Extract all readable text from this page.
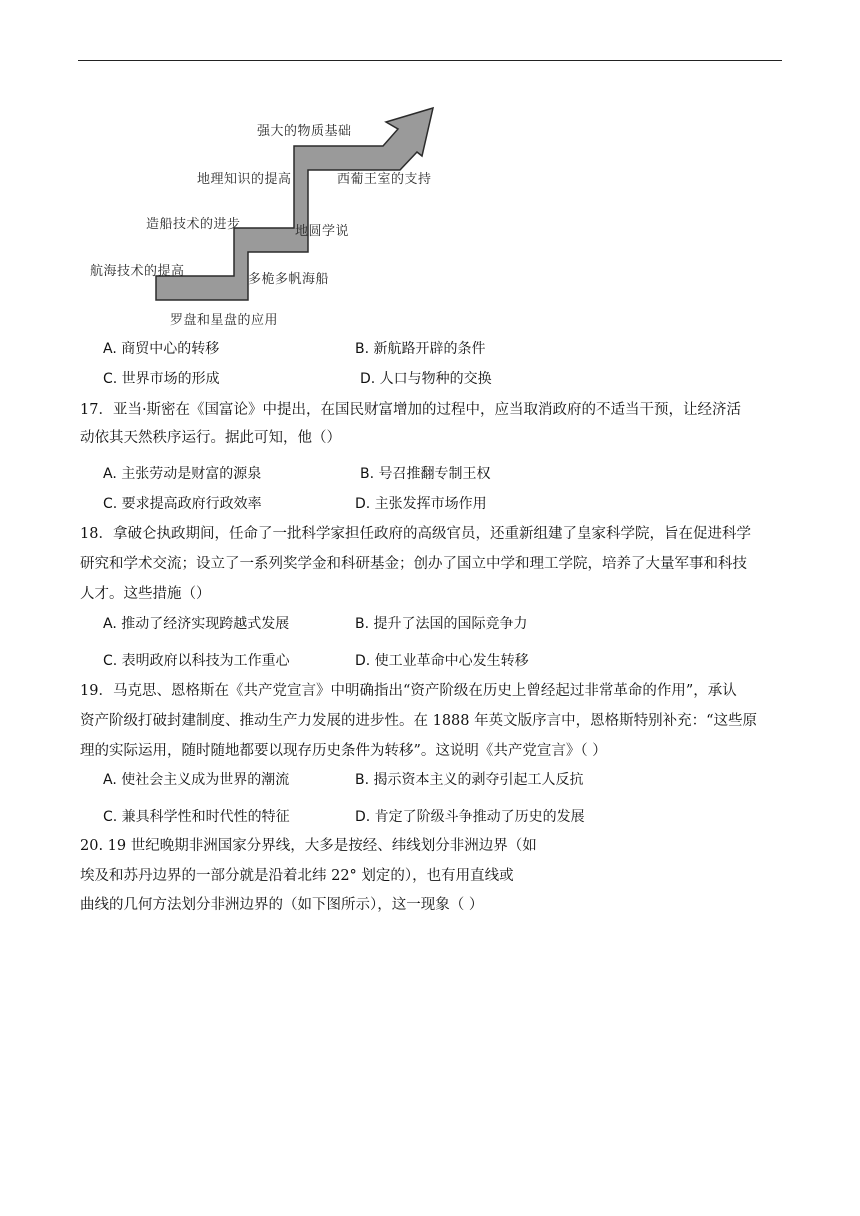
强大的物质基础
地理知识的提高	西葡王室的支持
造船技术的进步	地圆学说
航海技术的提高
多桅多帆海船
罗盘和星盘的应用
A. 商贸中心的转移	B. 新航路开辟的条件
C. 世界市场的形成	D. 人口与物种的交换
17．亚当·斯密在《国富论》中提出，在国民财富增加的过程中，应当取消政府的不适当干预，让经济活
动依其天然秩序运行。据此可知，他（）
A. 主张劳动是财富的源泉	B. 号召推翻专制王权
C. 要求提高政府行政效率	D. 主张发挥市场作用
18．拿破仑执政期间，任命了一批科学家担任政府的高级官员，还重新组建了皇家科学院，旨在促进科学
研究和学术交流；设立了一系列奖学金和科研基金；创办了国立中学和理工学院，培养了大量军事和科技
人才。这些措施（）
A. 推动了经济实现跨越式发展	B. 提升了法国的国际竞争力
C. 表明政府以科技为工作重心	D. 使工业革命中心发生转移
19．马克思、恩格斯在《共产党宣言》中明确指出“资产阶级在历史上曾经起过非常革命的作用”，承认
资产阶级打破封建制度、推动生产力发展的进步性。在 1888 年英文版序言中，恩格斯特别补充：“这些原
理的实际运用，随时随地都要以现存历史条件为转移”。这说明《共产党宣言》（ ）
A. 使社会主义成为世界的潮流	B. 揭示资本主义的剥夺引起工人反抗
C. 兼具科学性和时代性的特征	D. 肯定了阶级斗争推动了历史的发展
20. 19 世纪晚期非洲国家分界线，大多是按经、纬线划分非洲边界（如
埃及和苏丹边界的一部分就是沿着北纬 22° 划定的），也有用直线或
曲线的几何方法划分非洲边界的（如下图所示），这一现象（ ）
